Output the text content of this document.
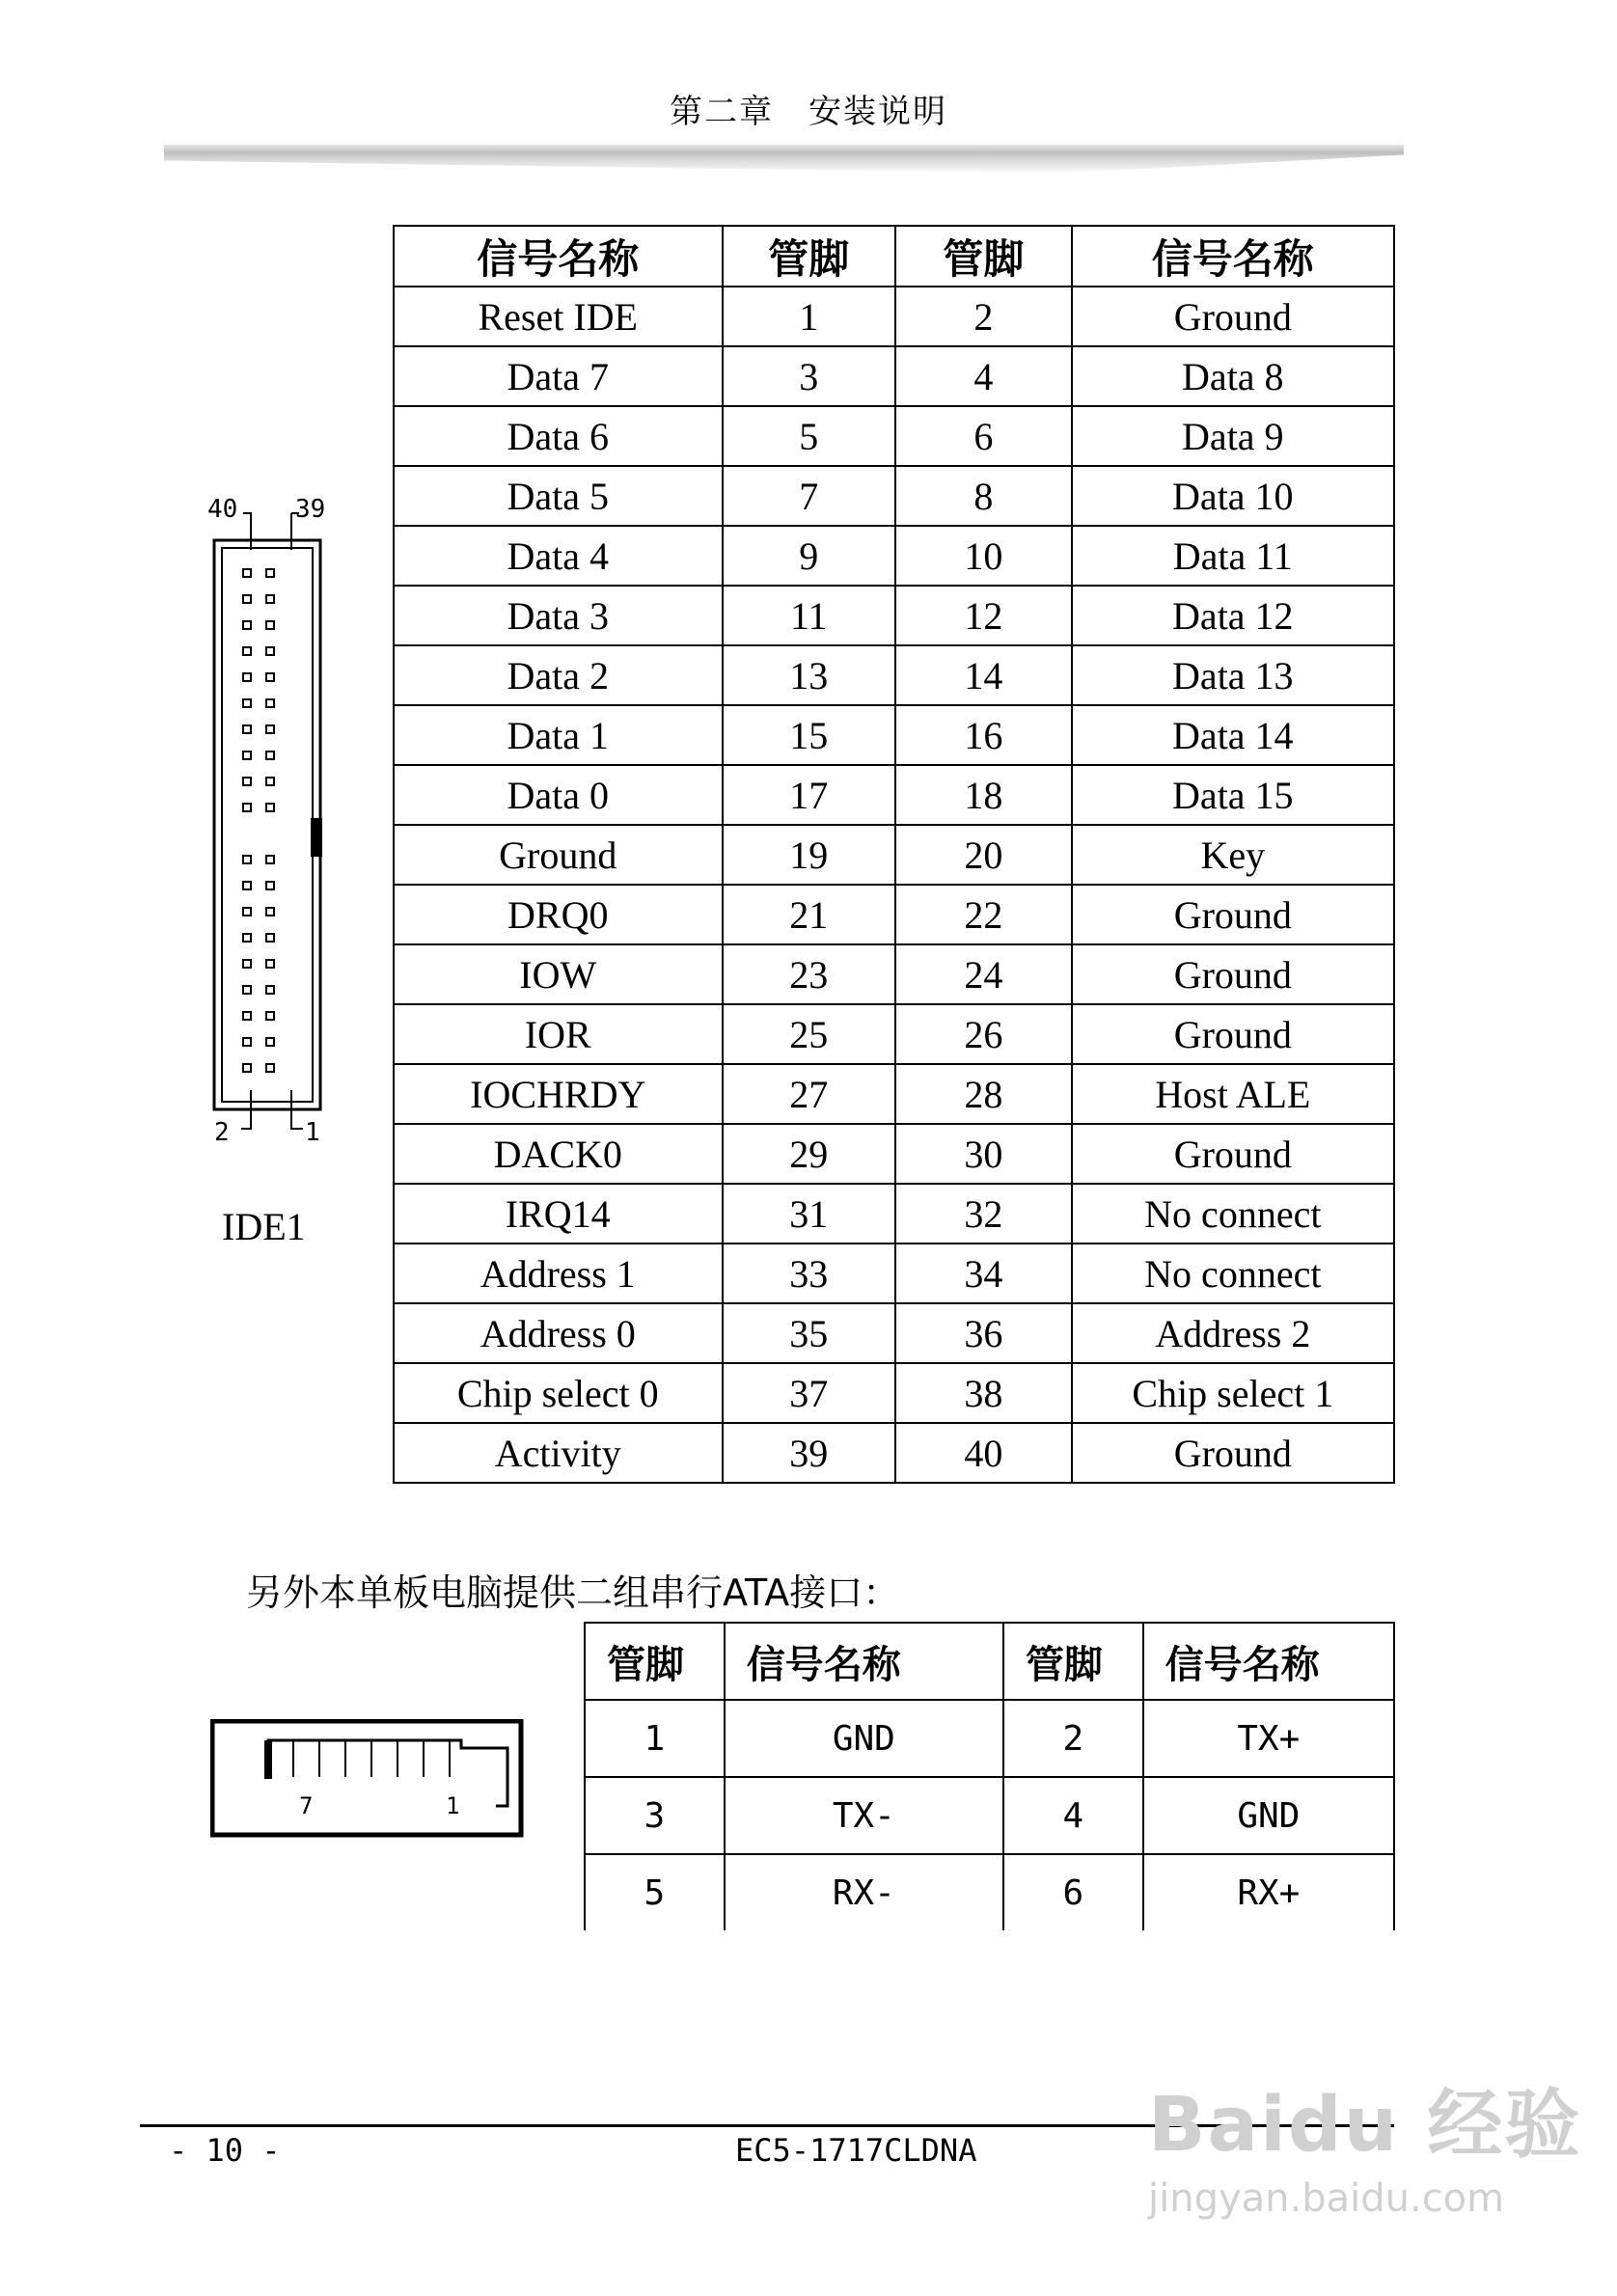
第二章　安装说明
40 39
2	1
IDE1
信号名称	管脚	管脚	信号名称
Reset IDE	1	2	Ground
Data 7	3	4	Data 8
Data 6	5	6	Data 9
Data 5	7	8	Data 10
Data 4	9	10	Data 11
Data 3	11	12	Data 12
Data 2	13	14	Data 13
Data 1	15	16	Data 14
Data 0	17	18	Data 15
Ground	19	20	Key
DRQ0	21	22	Ground
IOW	23	24	Ground
IOR	25	26	Ground
IOCHRDY	27	28	Host ALE
DACK0	29	30	Ground
IRQ14	31	32	No connect
Address 1	33	34	No connect
Address 0	35	36	Address 2
Chip select 0	37	38	Chip select 1
Activity	39	40	Ground
另外本单板电脑提供二组串行ATA接口：
7	1
管脚	信号名称	管脚	信号名称
1	GND	2	TX+
3	TX-	4	GND
5	RX-	6	RX+
- 10 -	EC5-1717CLDNA Baidu 经验
jingyan.baidu.com
